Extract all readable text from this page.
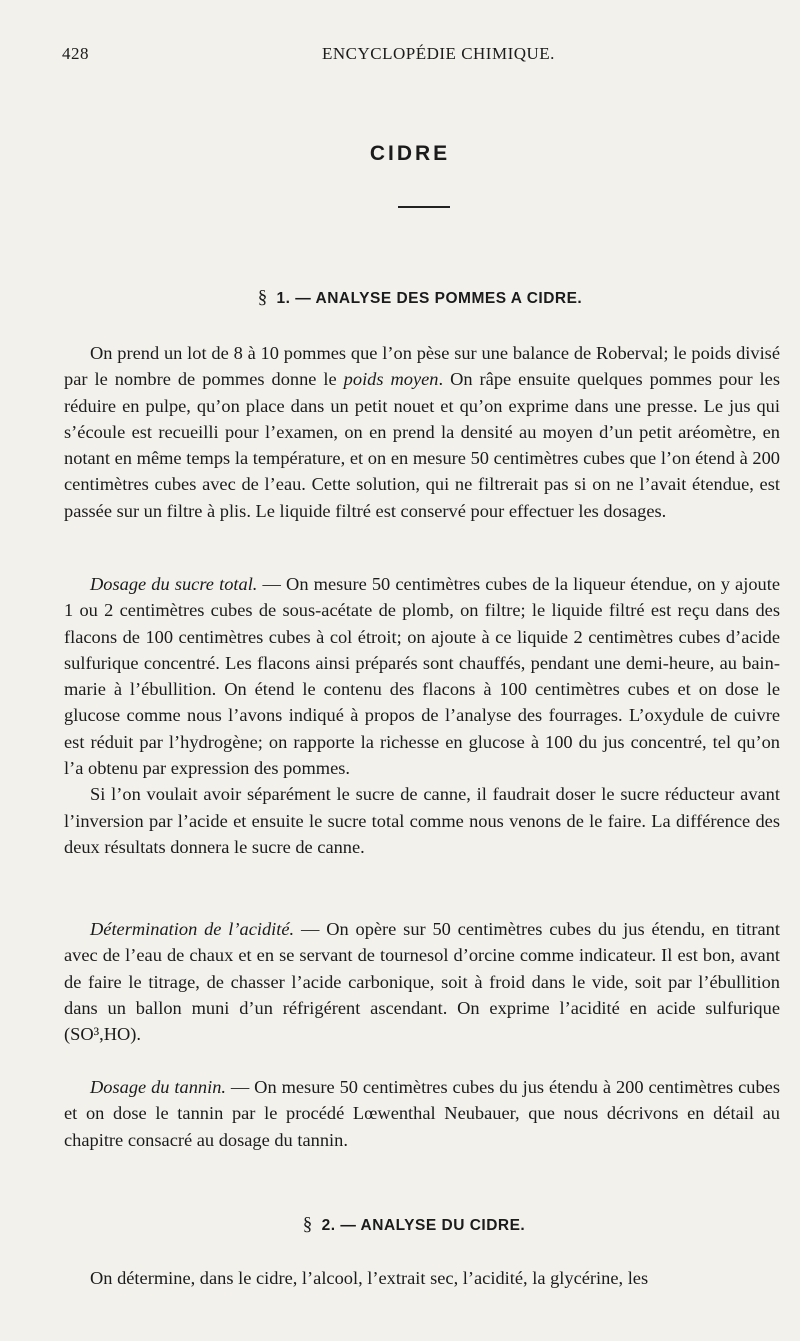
428	ENCYCLOPÉDIE CHIMIQUE.
CIDRE
§ 1. — ANALYSE DES POMMES A CIDRE.

On prend un lot de 8 à 10 pommes que l’on pèse sur une balance de Roberval; le poids divisé par le nombre de pommes donne le poids moyen. On râpe ensuite quelques pommes pour les réduire en pulpe, qu’on place dans un petit nouet et qu’on exprime dans une presse. Le jus qui s’écoule est recueilli pour l’examen, on en prend la densité au moyen d’un petit aréomètre, en notant en même temps la température, et on en mesure 50 centimètres cubes que l’on étend à 200 centimètres cubes avec de l’eau. Cette solution, qui ne filtrerait pas si on ne l’avait étendue, est passée sur un filtre à plis. Le liquide filtré est conservé pour effectuer les dosages.

Dosage du sucre total. — On mesure 50 centimètres cubes de la liqueur étendue, on y ajoute 1 ou 2 centimètres cubes de sous-acétate de plomb, on filtre; le liquide filtré est reçu dans des flacons de 100 centimètres cubes à col étroit; on ajoute à ce liquide 2 centimètres cubes d’acide sulfurique concentré. Les flacons ainsi préparés sont chauffés, pendant une demi-heure, au bain-marie à l’ébullition. On étend le contenu des flacons à 100 centimètres cubes et on dose le glucose comme nous l’avons indiqué à propos de l’analyse des fourrages. L’oxydule de cuivre est réduit par l’hydrogène; on rapporte la richesse en glucose à 100 du jus concentré, tel qu’on l’a obtenu par expression des pommes.

Si l’on voulait avoir séparément le sucre de canne, il faudrait doser le sucre réducteur avant l’inversion par l’acide et ensuite le sucre total comme nous venons de le faire. La différence des deux résultats donnera le sucre de canne.

Détermination de l’acidité. — On opère sur 50 centimètres cubes du jus étendu, en titrant avec de l’eau de chaux et en se servant de tournesol d’orcine comme indicateur. Il est bon, avant de faire le titrage, de chasser l’acide carbonique, soit à froid dans le vide, soit par l’ébullition dans un ballon muni d’un réfrigérent ascendant. On exprime l’acidité en acide sulfurique (SO³,HO).

Dosage du tannin. — On mesure 50 centimètres cubes du jus étendu à 200 centimètres cubes et on dose le tannin par le procédé Lœwenthal Neubauer, que nous décrivons en détail au chapitre consacré au dosage du tannin.

§ 2. — ANALYSE DU CIDRE.

On détermine, dans le cidre, l’alcool, l’extrait sec, l’acidité, la glycérine, les
